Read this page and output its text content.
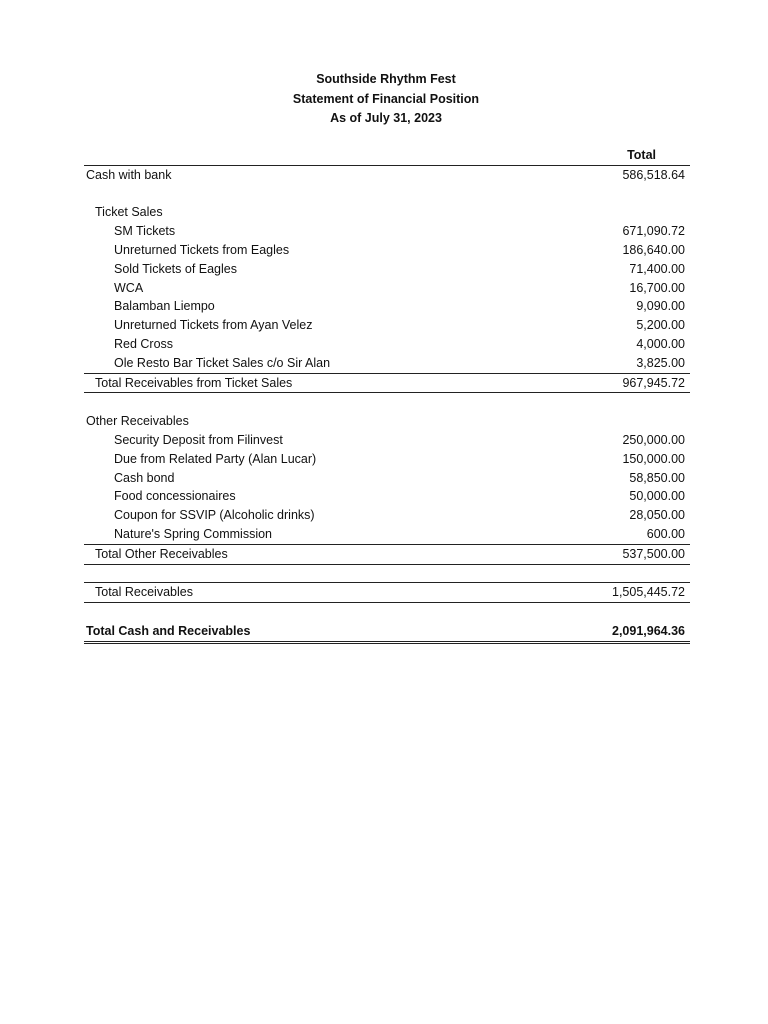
Southside Rhythm Fest
Statement of Financial Position
As of July 31, 2023
Total
Cash with bank	586,518.64
Ticket Sales
SM Tickets	671,090.72
Unreturned Tickets from Eagles	186,640.00
Sold Tickets of Eagles	71,400.00
WCA	16,700.00
Balamban Liempo	9,090.00
Unreturned Tickets from Ayan Velez	5,200.00
Red Cross	4,000.00
Ole Resto Bar Ticket Sales c/o Sir Alan	3,825.00
Total Receivables from Ticket Sales	967,945.72
Other Receivables
Security Deposit from Filinvest	250,000.00
Due from Related Party (Alan Lucar)	150,000.00
Cash bond	58,850.00
Food concessionaires	50,000.00
Coupon for SSVIP (Alcoholic drinks)	28,050.00
Nature's Spring Commission	600.00
Total Other Receivables	537,500.00
Total Receivables	1,505,445.72
Total Cash and Receivables	2,091,964.36
